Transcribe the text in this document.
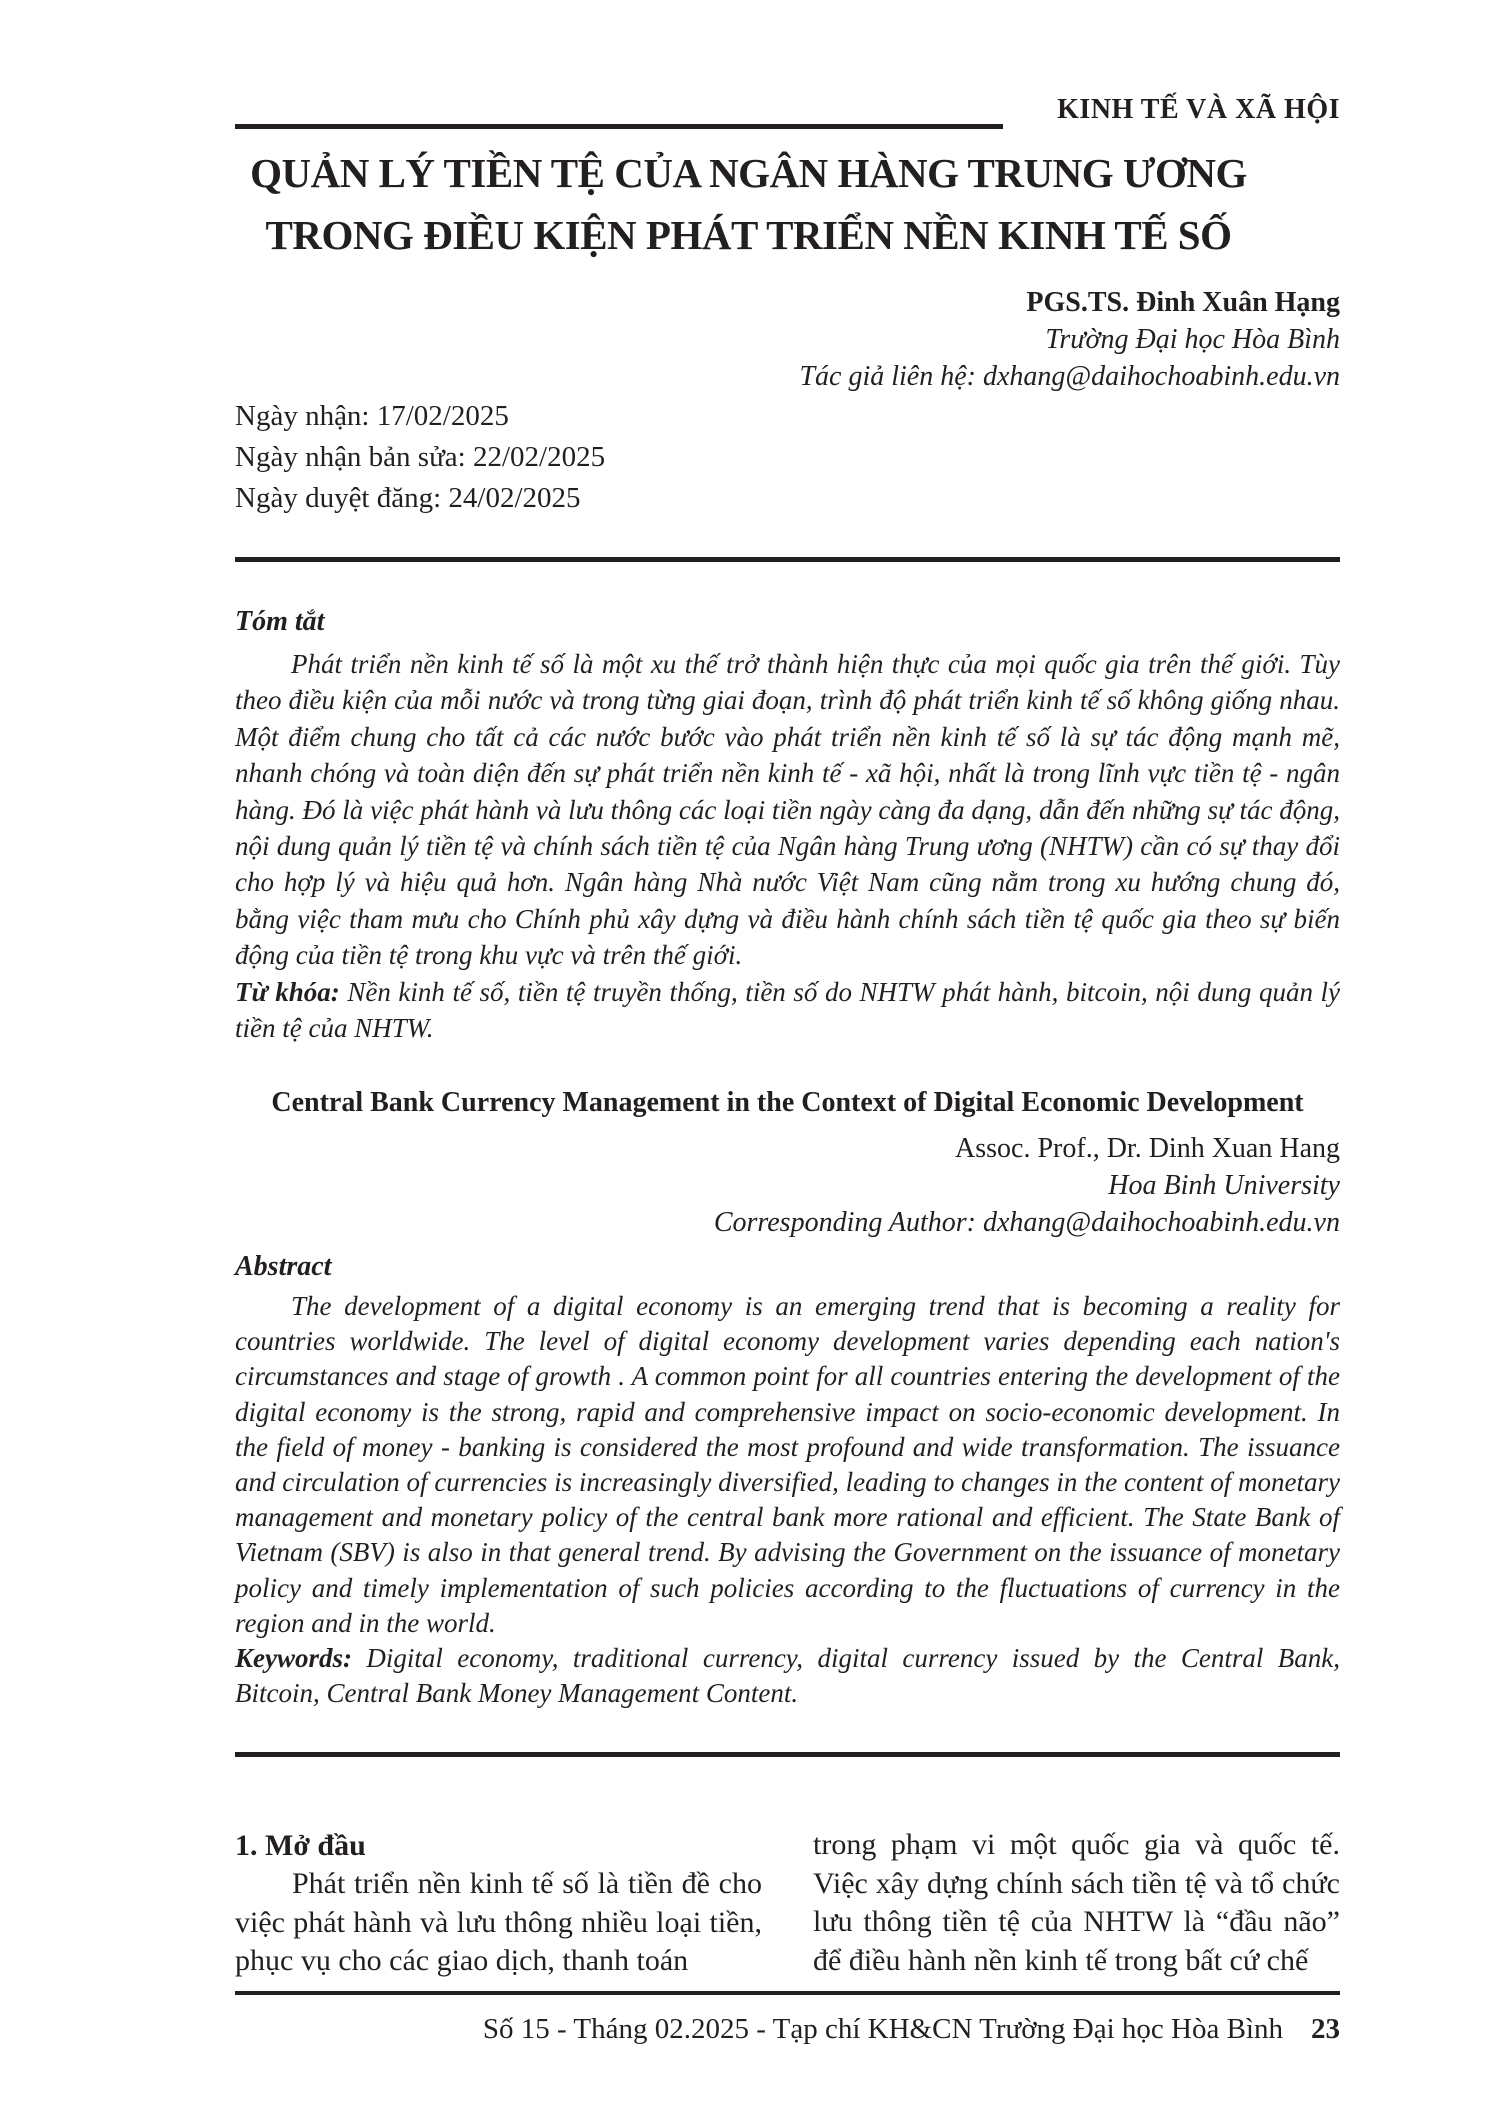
KINH TẾ VÀ XÃ HỘI
QUẢN LÝ TIỀN TỆ CỦA NGÂN HÀNG TRUNG ƯƠNG
TRONG ĐIỀU KIỆN PHÁT TRIỂN NỀN KINH TẾ SỐ
PGS.TS. Đinh Xuân Hạng
Trường Đại học Hòa Bình
Tác giả liên hệ: dxhang@daihochoabinh.edu.vn
Ngày nhận: 17/02/2025
Ngày nhận bản sửa: 22/02/2025
Ngày duyệt đăng: 24/02/2025
Tóm tắt

Phát triển nền kinh tế số là một xu thế trở thành hiện thực của mọi quốc gia trên thế giới. Tùy theo điều kiện của mỗi nước và trong từng giai đoạn, trình độ phát triển kinh tế số không giống nhau. Một điểm chung cho tất cả các nước bước vào phát triển nền kinh tế số là sự tác động mạnh mẽ, nhanh chóng và toàn diện đến sự phát triển nền kinh tế - xã hội, nhất là trong lĩnh vực tiền tệ - ngân hàng. Đó là việc phát hành và lưu thông các loại tiền ngày càng đa dạng, dẫn đến những sự tác động, nội dung quản lý tiền tệ và chính sách tiền tệ của Ngân hàng Trung ương (NHTW) cần có sự thay đổi cho hợp lý và hiệu quả hơn. Ngân hàng Nhà nước Việt Nam cũng nằm trong xu hướng chung đó, bằng việc tham mưu cho Chính phủ xây dựng và điều hành chính sách tiền tệ quốc gia theo sự biến động của tiền tệ trong khu vực và trên thế giới.

Từ khóa: Nền kinh tế số, tiền tệ truyền thống, tiền số do NHTW phát hành, bitcoin, nội dung quản lý tiền tệ của NHTW.

Central Bank Currency Management in the Context of Digital Economic Development
Assoc. Prof., Dr. Dinh Xuan Hang
Hoa Binh University
Corresponding Author: dxhang@daihochoabinh.edu.vn
Abstract

The development of a digital economy is an emerging trend that is becoming a reality for countries worldwide. The level of digital economy development varies depending each nation's circumstances and stage of growth . A common point for all countries entering the development of the digital economy is the strong, rapid and comprehensive impact on socio-economic development. In the field of money - banking is considered the most profound and wide transformation. The issuance and circulation of currencies is increasingly diversified, leading to changes in the content of monetary management and monetary policy of the central bank more rational and efficient. The State Bank of Vietnam (SBV) is also in that general trend. By advising the Government on the issuance of monetary policy and timely implementation of such policies according to the fluctuations of currency in the region and in the world.

Keywords: Digital economy, traditional currency, digital currency issued by the Central Bank, Bitcoin, Central Bank Money Management Content.

1. Mở đầu

Phát triển nền kinh tế số là tiền đề cho việc phát hành và lưu thông nhiều loại tiền, phục vụ cho các giao dịch, thanh toán

trong phạm vi một quốc gia và quốc tế. Việc xây dựng chính sách tiền tệ và tổ chức lưu thông tiền tệ của NHTW là “đầu não” để điều hành nền kinh tế trong bất cứ chế

Số 15 - Tháng 02.2025 - Tạp chí KH&CN Trường Đại học Hòa Bình 23
